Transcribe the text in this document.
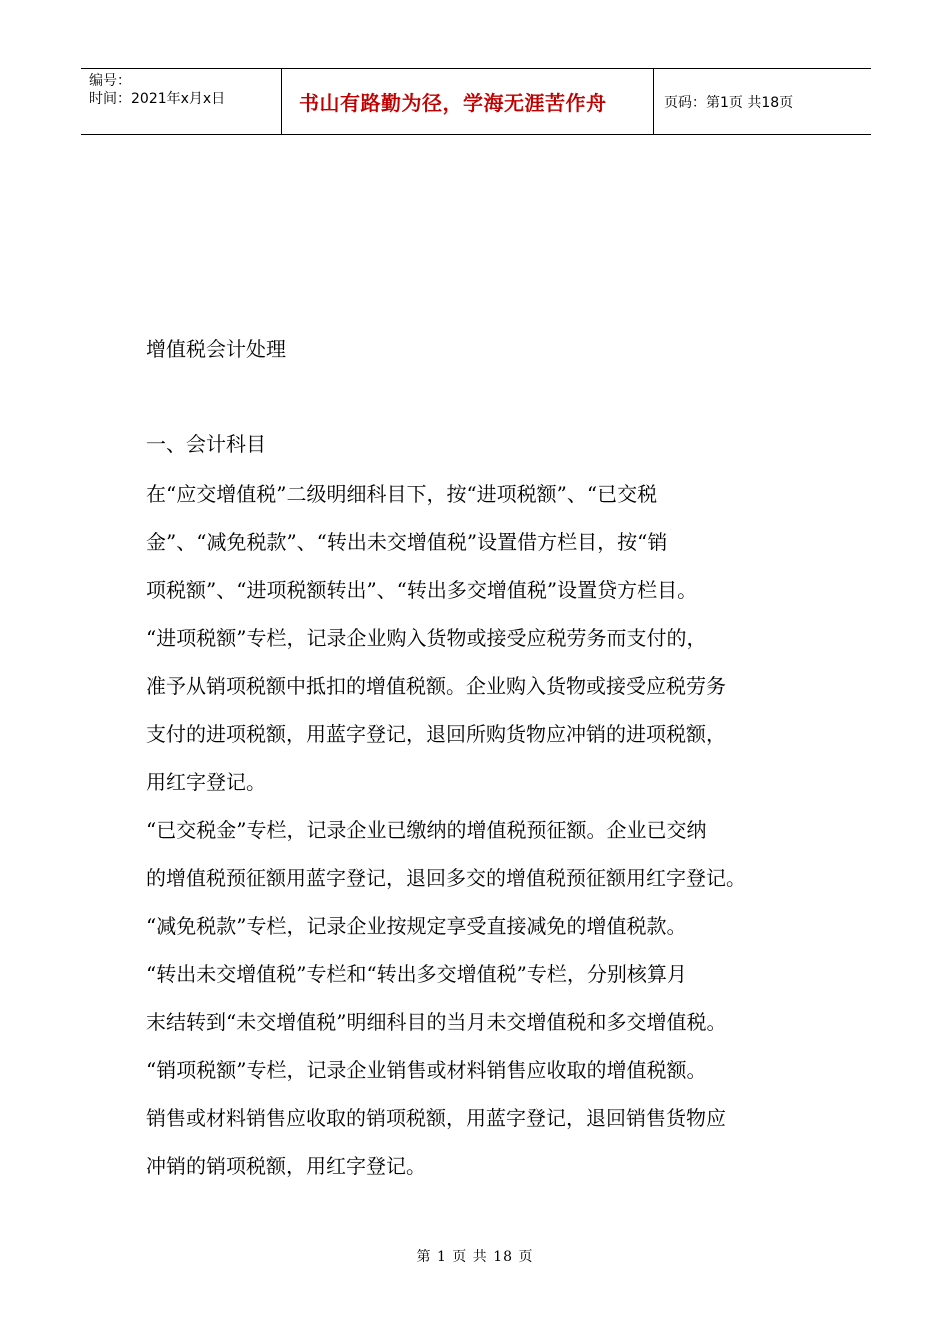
编号：
时间：2021年x月x日	书山有路勤为径，学海无涯苦作舟	页码：第1页 共18页
增值税会计处理
一、会计科目

在“应交增值税”二级明细科目下，按“进项税额”、“已交税
金”、“减免税款”、“转出未交增值税”设置借方栏目，按“销
项税额”、“进项税额转出”、“转出多交增值税”设置贷方栏目。

“进项税额”专栏，记录企业购入货物或接受应税劳务而支付的，
准予从销项税额中抵扣的增值税额。企业购入货物或接受应税劳务
支付的进项税额，用蓝字登记，退回所购货物应冲销的进项税额，
用红字登记。

“已交税金”专栏，记录企业已缴纳的增值税预征额。企业已交纳
的增值税预征额用蓝字登记，退回多交的增值税预征额用红字登记。

“减免税款”专栏，记录企业按规定享受直接减免的增值税款。

“转出未交增值税”专栏和“转出多交增值税”专栏，分别核算月
末结转到“未交增值税”明细科目的当月未交增值税和多交增值税。

“销项税额”专栏，记录企业销售或材料销售应收取的增值税额。
销售或材料销售应收取的销项税额，用蓝字登记，退回销售货物应
冲销的销项税额，用红字登记。

第 1 页 共 18 页
